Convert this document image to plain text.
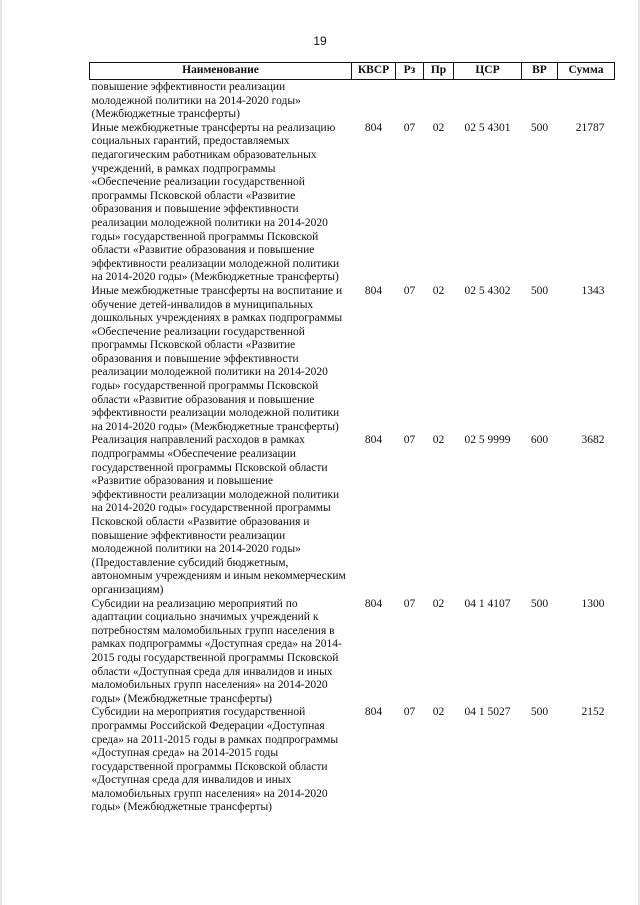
19
Наименование	КВСР	Рз	Пр	ЦСР	ВР	Сумма
повышение эффективности реализации молодежной политики на 2014-2020 годы» (Межбюджетные трансферты)						
Иные межбюджетные трансферты на реализацию социальных гарантий, предоставляемых педагогическим работникам образовательных учреждений, в рамках подпрограммы «Обеспечение реализации государственной программы Псковской области «Развитие образования и повышение эффективности реализации молодежной политики на 2014-2020 годы» государственной программы Псковской области «Развитие образования и повышение эффективности реализации молодежной политики на 2014-2020 годы» (Межбюджетные трансферты)	804	07	02	02 5 4301	500	21787
Иные межбюджетные трансферты на воспитание и обучение детей-инвалидов в муниципальных дошкольных учреждениях в рамках подпрограммы «Обеспечение реализации государственной программы Псковской области «Развитие образования и повышение эффективности реализации молодежной политики на 2014-2020 годы» государственной программы Псковской области «Развитие образования и повышение эффективности реализации молодежной политики на 2014-2020 годы» (Межбюджетные трансферты)	804	07	02	02 5 4302	500	1343
Реализация направлений расходов в рамках подпрограммы «Обеспечение реализации государственной программы Псковской области «Развитие образования и повышение эффективности реализации молодежной политики на 2014-2020 годы» государственной программы Псковской области «Развитие образования и повышение эффективности реализации молодежной политики на 2014-2020 годы» (Предоставление субсидий бюджетным, автономным учреждениям и иным некоммерческим организациям)	804	07	02	02 5 9999	600	3682
Субсидии на реализацию мероприятий по адаптации социально значимых учреждений к потребностям маломобильных групп населения в рамках подпрограммы «Доступная среда» на 2014-2015 годы государственной программы Псковской области «Доступная среда для инвалидов и иных маломобильных групп населения» на 2014-2020 годы» (Межбюджетные трансферты)	804	07	02	04 1 4107	500	1300
Субсидии на мероприятия государственной программы Российской Федерации «Доступная среда» на 2011-2015 годы в рамках подпрограммы «Доступная среда» на 2014-2015 годы государственной программы Псковской области «Доступная среда для инвалидов и иных маломобильных групп населения» на 2014-2020 годы» (Межбюджетные трансферты)	804	07	02	04 1 5027	500	2152
